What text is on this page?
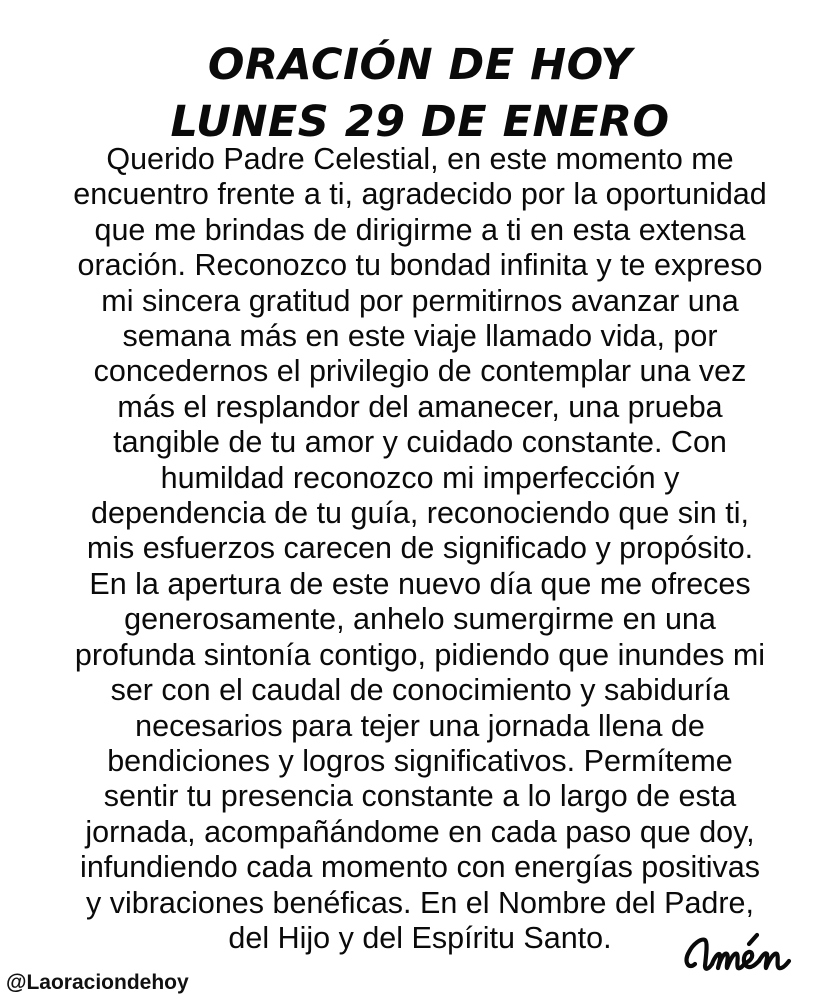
ORACIÓN DE HOY
LUNES 29 DE ENERO
Querido Padre Celestial, en este momento me
encuentro frente a ti, agradecido por la oportunidad
que me brindas de dirigirme a ti en esta extensa
oración. Reconozco tu bondad infinita y te expreso
mi sincera gratitud por permitirnos avanzar una
semana más en este viaje llamado vida, por
concedernos el privilegio de contemplar una vez
más el resplandor del amanecer, una prueba
tangible de tu amor y cuidado constante. Con
humildad reconozco mi imperfección y
dependencia de tu guía, reconociendo que sin ti,
mis esfuerzos carecen de significado y propósito.
En la apertura de este nuevo día que me ofreces
generosamente, anhelo sumergirme en una
profunda sintonía contigo, pidiendo que inundes mi
ser con el caudal de conocimiento y sabiduría
necesarios para tejer una jornada llena de
bendiciones y logros significativos. Permíteme
sentir tu presencia constante a lo largo de esta
jornada, acompañándome en cada paso que doy,
infundiendo cada momento con energías positivas
y vibraciones benéficas. En el Nombre del Padre,
del Hijo y del Espíritu Santo.
@Laoraciondehoy
